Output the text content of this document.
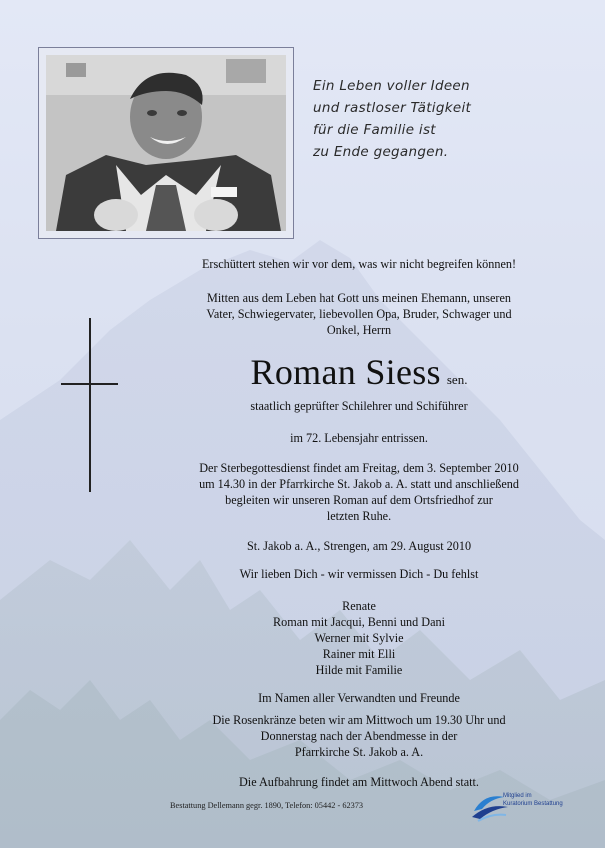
Ein Leben voller Ideen
und rastloser Tätigkeit
für die Familie ist
zu Ende gegangen.
Erschüttert stehen wir vor dem, was wir nicht begreifen können!
Mitten aus dem Leben hat Gott uns meinen Ehemann, unseren
Vater, Schwiegervater, liebevollen Opa, Bruder, Schwager und
Onkel, Herrn
Roman Siess sen.
staatlich geprüfter Schilehrer und Schiführer
im 72. Lebensjahr entrissen.
Der Sterbegottesdienst findet am Freitag, dem 3. September 2010
um 14.30 in der Pfarrkirche St. Jakob a. A. statt und anschließend
begleiten wir unseren Roman auf dem Ortsfriedhof zur
letzten Ruhe.
St. Jakob a. A., Strengen, am 29. August 2010
Wir lieben Dich - wir vermissen Dich - Du fehlst
Renate
Roman mit Jacqui, Benni und Dani
Werner mit Sylvie
Rainer mit Elli
Hilde mit Familie
Im Namen aller Verwandten und Freunde
Die Rosenkränze beten wir am Mittwoch um 19.30 Uhr und
Donnerstag nach der Abendmesse in der
Pfarrkirche St. Jakob a. A.
Die Aufbahrung findet am Mittwoch Abend statt.
Bestattung Dellemann gegr. 1890, Telefon: 05442 - 62373
Mitglied im
Kuratorium Bestattung
